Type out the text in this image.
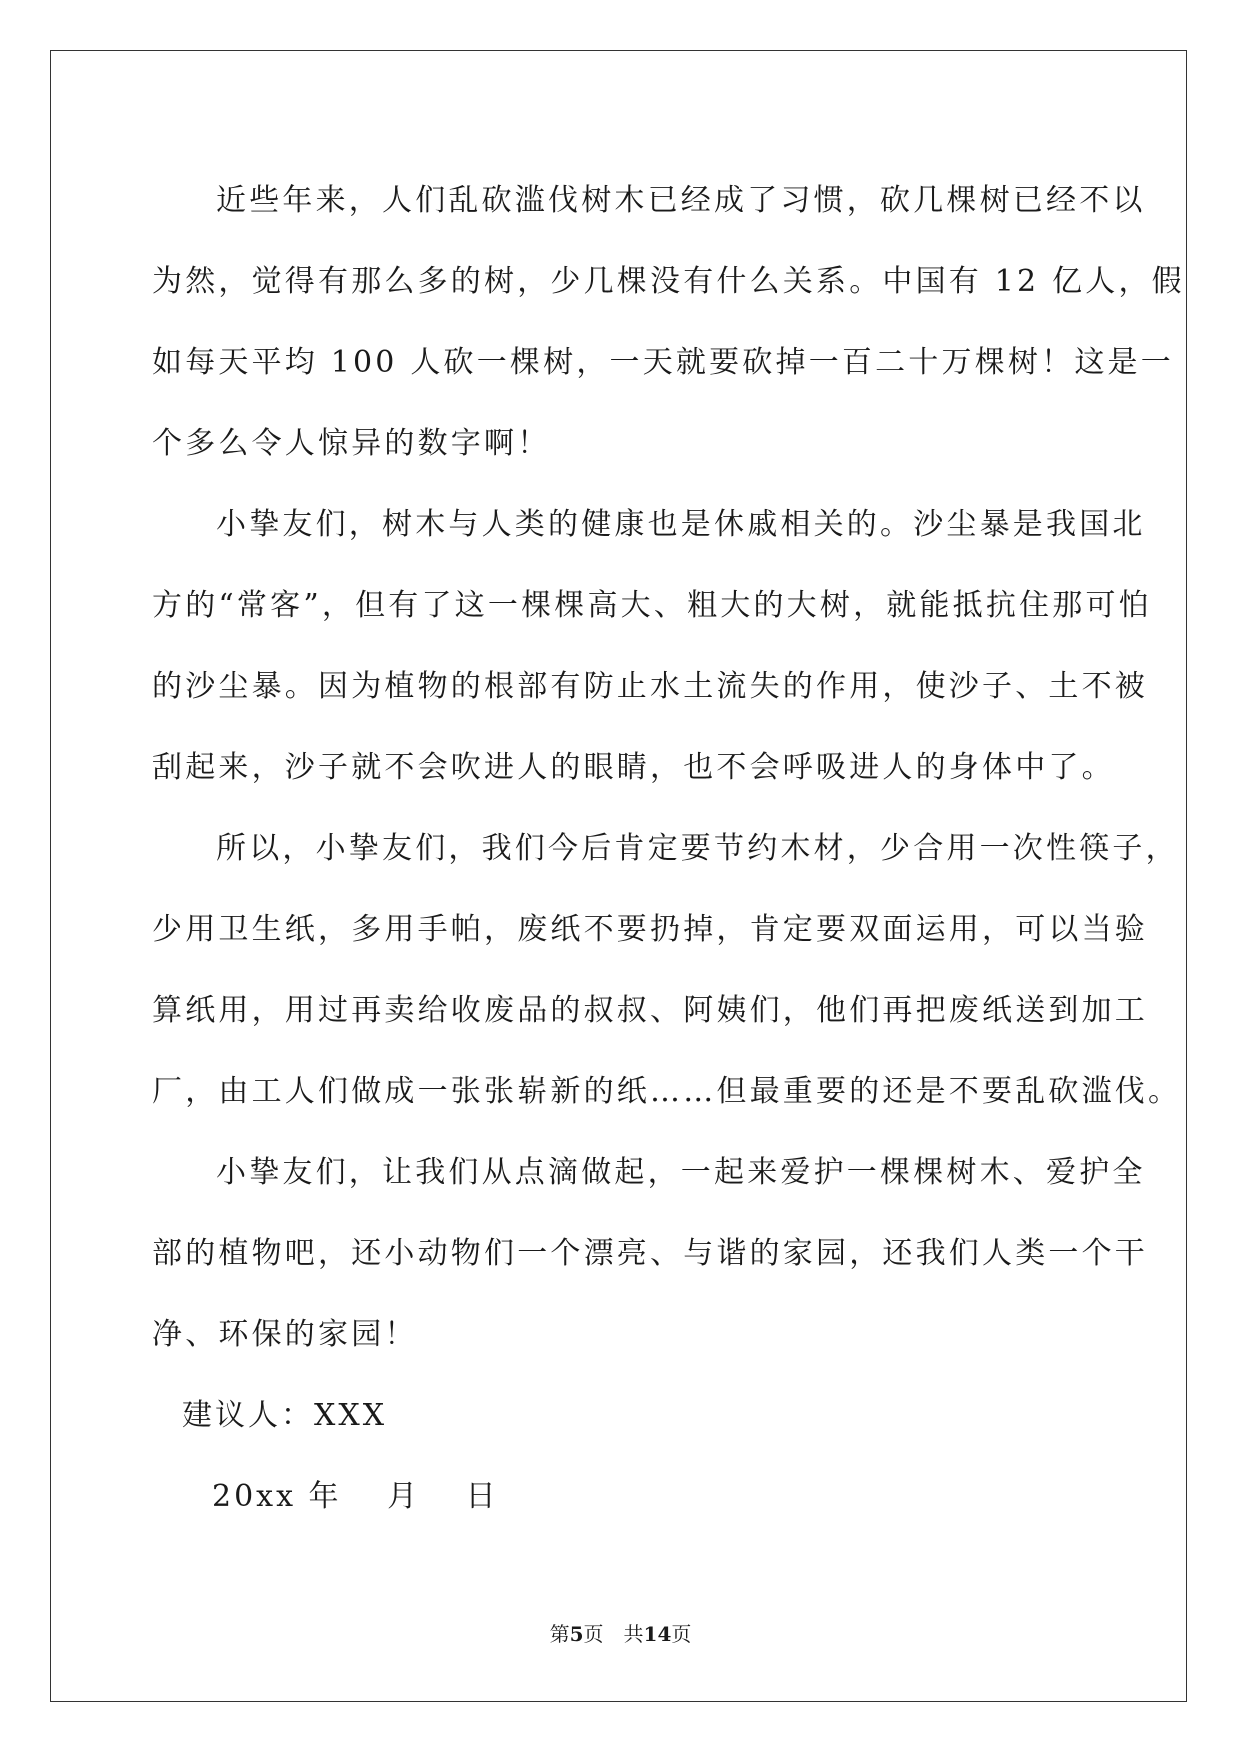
近些年来，人们乱砍滥伐树木已经成了习惯，砍几棵树已经不以
为然，觉得有那么多的树，少几棵没有什么关系。中国有 12 亿人，假
如每天平均 100 人砍一棵树，一天就要砍掉一百二十万棵树！这是一
个多么令人惊异的数字啊！
小挚友们，树木与人类的健康也是休戚相关的。沙尘暴是我国北
方的“常客”，但有了这一棵棵高大、粗大的大树，就能抵抗住那可怕
的沙尘暴。因为植物的根部有防止水土流失的作用，使沙子、土不被
刮起来，沙子就不会吹进人的眼睛，也不会呼吸进人的身体中了。
所以，小挚友们，我们今后肯定要节约木材，少合用一次性筷子，
少用卫生纸，多用手帕，废纸不要扔掉，肯定要双面运用，可以当验
算纸用，用过再卖给收废品的叔叔、阿姨们，他们再把废纸送到加工
厂，由工人们做成一张张崭新的纸……但最重要的还是不要乱砍滥伐。
小挚友们，让我们从点滴做起，一起来爱护一棵棵树木、爱护全
部的植物吧，还小动物们一个漂亮、与谐的家园，还我们人类一个干
净、环保的家园！

建议人：XXX

20xx 年　 月　 日

第5页　共14页
